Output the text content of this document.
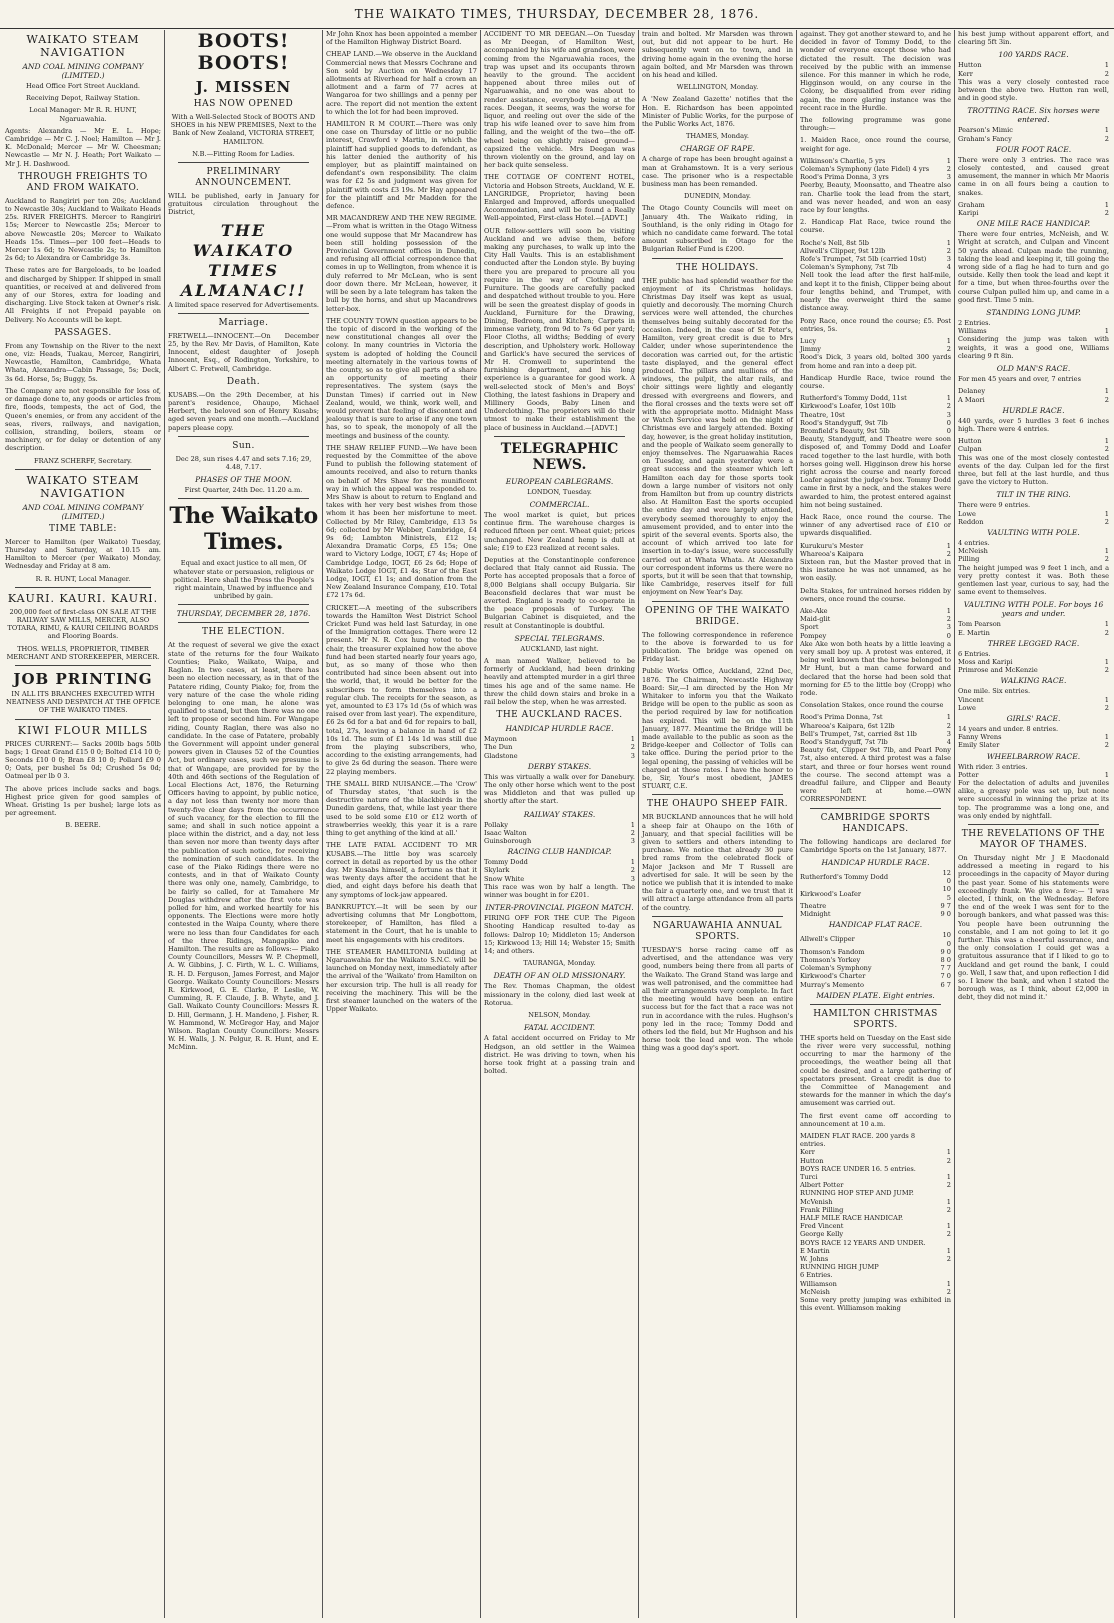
THE WAIKATO TIMES, THURSDAY, DECEMBER 28, 1876.
WAIKATO STEAM NAVIGATION
AND COAL MINING COMPANY (LIMITED.)
Head Office Fort Street Auckland.
Receiving Depot, Railway Station.
Local Manager: Mr R. R. HUNT, Ngaruawahia.
Agents: Alexandra — Mr E. L. Hope; Cambridge — Mr C. J. Noel; Hamilton — Mr J. K. McDonald; Mercer — Mr W. Cheesman; Newcastle — Mr N. J. Heath; Port Waikato — Mr J. H. Dashwood.
THROUGH FREIGHTS TO AND FROM WAIKATO.
Auckland to Rangiriri per ton 20s; Auckland to Newcastle 30s; Auckland to Waikato Heads 25s. RIVER FREIGHTS. Mercer to Rangiriri 15s; Mercer to Newcastle 25s; Mercer to above Newcastle 20s; Mercer to Waikato Heads 15s. Times—per 100 feet—Heads to Mercer 1s 6d; to Newcastle 2s; to Hamilton 2s 6d; to Alexandra or Cambridge 3s.
These rates are for Bargeloads, to be loaded and discharged by Shipper. If shipped in small quantities, or received at and delivered from any of our Stores, extra for loading and discharging. Live Stock taken at Owner's risk. All Freights if not Prepaid payable on Delivery. No Accounts will be kept.
PASSAGES.
From any Township on the River to the next one, viz: Heads, Tuakau, Mercer, Rangiriri, Newcastle, Hamilton, Cambridge, Whata Whata, Alexandra—Cabin Passage, 5s; Deck, 3s 6d. Horse, 5s; Buggy, 5s.
The Company are not responsible for loss of, or damage done to, any goods or articles from fire, floods, tempests, the act of God, the Queen's enemies, or from any accident of the seas, rivers, railways, and navigation, collision, stranding, boilers, steam or machinery, or for delay or detention of any description.
FRANZ SCHERFF, Secretary.
WAIKATO STEAM NAVIGATION
AND COAL MINING COMPANY (LIMITED.)
TIME TABLE:
Mercer to Hamilton (per Waikato) Tuesday, Thursday and Saturday, at 10.15 am. Hamilton to Mercer (per Waikato) Monday, Wednesday and Friday at 8 am.
R. R. HUNT, Local Manager.
KAURI. KAURI. KAURI.
200,000 feet of first-class ON SALE AT THE RAILWAY SAW MILLS, MERCER, ALSO TOTARA, RIMU, & KAURI CEILING BOARDS and Flooring Boards.
THOS. WELLS, PROPRIETOR, TIMBER MERCHANT AND STOREKEEPER, MERCER.
JOB PRINTING
IN ALL ITS BRANCHES EXECUTED WITH NEATNESS AND DESPATCH AT THE OFFICE OF THE WAIKATO TIMES.
KIWI FLOUR MILLS
PRICES CURRENT:— Sacks 200lb bags 50lb bags; 1 Great Grand £15 0 0; Bolted £14 10 0; Seconds £10 0 0; Bran £8 10 0; Pollard £9 0 0; Oats, per bushel 5s 0d; Crushed 5s 0d; Oatmeal per lb 0 3.
The above prices include sacks and bags. Highest price given for good samples of Wheat. Gristing 1s per bushel; large lots as per agreement.
B. BEERE.
BOOTS! BOOTS!
J. MISSEN
HAS NOW OPENED
With a Well-Selected Stock of BOOTS AND SHOES in his NEW PREMISES, Next to the Bank of New Zealand, VICTORIA STREET, HAMILTON.
N.B.—Fitting Room for Ladies.
PRELIMINARY ANNOUNCEMENT.
WILL be published, early in January for gratuitous circulation throughout the District,
THE WAIKATO TIMES ALMANAC!!
A limited space reserved for Advertisements.
Marriage.
FRETWELL—INNOCENT.—On December 25, by the Rev. Mr Davis, of Hamilton, Kate Innocent, eldest daughter of Joseph Innocent, Esq., of Rodington, Yorkshire, to Albert C. Fretwell, Cambridge.
Death.
KUSABS.—On the 29th December, at his parent's residence, Ohaupo, Michael Herbert, the beloved son of Henry Kusabs; aged seven years and one month.—Auckland papers please copy.
Sun.
Dec 28, sun rises 4.47 and sets 7.16; 29, 4.48, 7.17.
PHASES OF THE MOON.
First Quarter, 24th Dec. 11.20 a.m.
The Waikato Times.
Equal and exact justice to all men, Of whatever state or persuasion, religious or political. Here shall the Press the People's right maintain, Unawed by influence and unbribed by gain.
THURSDAY, DECEMBER 28, 1876.
THE ELECTION.
At the request of several we give the exact state of the returns for the four Waikato Counties; Piako, Waikato, Waipa, and Raglan. In two cases, at least, there has been no election necessary, as in that of the Patatere riding, County Piako; for, from the very nature of the case the whole riding belonging to one man, he alone was qualified to stand, but then there was no one left to propose or second him. For Wangape riding, County Raglan, there was also no candidate. In the case of Patatere, probably the Government will appoint under general powers given in Clauses 52 of the Counties Act, but ordinary cases, such we presume is that of Wangape, are provided for by the 40th and 46th sections of the Regulation of Local Elections Act, 1876, the Returning Officers having to appoint, by public notice, a day not less than twenty nor more than twenty-five clear days from the occurrence of such vacancy, for the election to fill the same; and shall in such notice appoint a place within the district, and a day, not less than seven nor more than twenty days after the publication of such notice, for receiving the nomination of such candidates. In the case of the Piako Ridings there were no contests, and in that of Waikato County there was only one, namely, Cambridge, to be fairly so called, for at Tamahere Mr Douglas withdrew after the first vote was polled for him, and worked heartily for his opponents. The Elections were more hotly contested in the Waipa County, where there were no less than four Candidates for each of the three Ridings, Mangapiko and Hamilton. The results are as follows:— Piako County Councillors, Messrs W. P. Chepmell, A. W. Gibbins, J. C. Firth, W. L. C. Williams, R. H. D. Ferguson, James Forrest, and Major George. Waikato County Councillors: Messrs R. Kirkwood, G. E. Clarke, P. Leslie, W. Cumming, R. F. Claude, J. B. Whyte, and J. Gall. Waikato County Councillors: Messrs R. D. Hill, Germann, J. H. Mandeno, J. Fisher, R. W. Hammond, W. McGregor Hay, and Major Wilson. Raglan County Councillors: Messrs W. H. Walls, J. N. Pelgur, R. R. Hunt, and E. McMinn.
Mr John Knox has been appointed a member of the Hamilton Highway District Board.
CHEAP LAND.—We observe in the Auckland Commercial news that Messrs Cochrane and Son sold by Auction on Wednesday 17 allotments at Riverhead for half a crown an allotment and a farm of 77 acres at Wangaroa for two shillings and a penny per acre. The report did not mention the extent to which the lot for had been improved.
HAMILTON R M COURT.—There was only one case on Thursday of little or no public interest, Crawford v Martin, in which the plaintiff had supplied goods to defendant, as his latter denied the authority of his employer, but as plaintiff maintained on defendant's own responsibility. The claim was for £2 5s and judgment was given for plaintiff with costs £3 19s. Mr Hay appeared for the plaintiff and Mr Madden for the defence.
MR MACANDREW AND THE NEW REGIME.—From what is written in the Otago Witness one would suppose that Mr Macandrew has been still holding possession of the Provincial Government offices in Dunedin, and refusing all official correspondence that comes in up to Wellington, from whence it is duly referred to Mr McLean, who is sent door down there. Mr McLean, however, it will be seen by a late telegram has taken the bull by the horns, and shut up Macandrews letter-box.
THE COUNTY TOWN question appears to be the topic of discord in the working of the new constitutional changes all over the colony. In many countries in Victoria the system is adopted of holding the Council meeting alternately in the various towns of the county, so as to give all parts of a share an opportunity of meeting their representatives. The system (says the Dunstan Times) if carried out in New Zealand, would, we think, work well, and would prevent that feeling of discontent and jealousy that is sure to arise if any one town has, so to speak, the monopoly of all the meetings and business of the county.
THE SHAW RELIEF FUND.—We have been requested by the Committee of the above Fund to publish the following statement of amounts received, and also to return thanks on behalf of Mrs Shaw for the munificent way in which the appeal was responded to. Mrs Shaw is about to return to England and takes with her very best wishes from those whom it has been her misfortune to meet. Collected by Mr Riley, Cambridge, £13 5s 6d; collected by Mr Webber, Cambridge, £4 9s 6d; Lambton Ministrels, £12 1s; Alexandra Dramatic Corps, £5 15s; One ward to Victory Lodge, IOGT, £7 4s; Hope of Cambridge Lodge, IOGT, £6 2s 6d; Hope of Waikato Lodge IOGT, £1 4s; Star of the East Lodge, IOGT, £1 1s; and donation from the New Zealand Insurance Company, £10. Total £72 17s 6d.
CRICKET.—A meeting of the subscribers towards the Hamilton West District School Cricket Fund was held last Saturday, in one of the Immigration cottages. There were 12 present. Mr N. R. Cox hung voted to the chair, the treasurer explained how the above fund had been started nearly four years ago, but, as so many of those who then contributed had since been absent out into the world, that, it would be better for the subscribers to form themselves into a regular club. The receipts for the season, as yet, amounted to £3 17s 1d (5s of which was raised over from last year). The expenditure, £6 2s 6d for a bat and 6d for repairs to ball, total, 27s, leaving a balance in hand of £2 10s 1d. The sum of £1 14s 1d was still due from the playing subscribers, who, according to the existing arrangements, had to give 2s 6d during the season. There were 22 playing members.
THE SMALL BIRD NUISANCE.—The 'Crow' of Thursday states, 'that such is the destructive nature of the blackbirds in the Dunedin gardens, that, while last year there used to be sold some £10 or £12 worth of strawberries weekly, this year it is a rare thing to get anything of the kind at all.'
THE LATE FATAL ACCIDENT TO MR KUSABS.—The little boy was scarcely correct in detail as reported by us the other day. Mr Kusabs himself, a fortune as that it was twenty days after the accident that he died, and eight days before his death that any symptoms of lock-jaw appeared.
BANKRUPTCY.—It will be seen by our advertising columns that Mr Longbottom, storekeeper, of Hamilton, has filed a statement in the Court, that he is unable to meet his engagements with his creditors.
THE STEAMER HAMILTONIA building at Ngaruawahia for the Waikato S.N.C. will be launched on Monday next, immediately after the arrival of the 'Waikato' from Hamilton on her excursion trip. The hull is all ready for receiving the machinery. This will be the first steamer launched on the waters of the Upper Waikato.
ACCIDENT TO MR DEEGAN.—On Tuesday as Mr Deegan, of Hamilton West, accompanied by his wife and grandson, were coming from the Ngaruawahia races, the trap was upset and its occupants thrown heavily to the ground. The accident happened about three miles out of Ngaruawahia, and no one was about to render assistance, everybody being at the races. Deegan, it seems, was the worse for liquor, and reeling out over the side of the trap his wife leaned over to save him from falling, and the weight of the two—the off-wheel being on slightly raised ground—capsized the vehicle. Mrs Deegan was thrown violently on the ground, and lay on her back quite senseless.
THE COTTAGE OF CONTENT HOTEL, Victoria and Hobson Streets, Auckland, W. E. LANGRIDGE, Proprietor, having been Enlarged and Improved, affords unequalled Accommodation, and will be found a Really Well-appointed, First-class Hotel.—[ADVT.]
OUR fellow-settlers will soon be visiting Auckland and we advise them, before making any purchases, to walk up into the City Hall Vaults. This is an establishment conducted after the London style. By buying there you are prepared to procure all you require in the way of Clothing and Furniture. The goods are carefully packed and despatched without trouble to you. Here will be seen the greatest display of goods in Auckland, Furniture for the Drawing, Dining, Bedroom, and Kitchen; Carpets in immense variety, from 9d to 7s 6d per yard; Floor Cloths, all widths; Bedding of every description, and Upholstery work. Holloway and Garlick's have secured the services of Mr H. Cromwell to superintend the furnishing department, and his long experience is a guarantee for good work. A well-selected stock of Men's and Boys' Clothing, the latest fashions in Drapery and Millinery Goods, Baby Linen and Underclothing. The proprietors will do their utmost to make their establishment the place of business in Auckland.—[ADVT.]
TELEGRAPHIC NEWS.
EUROPEAN CABLEGRAMS.
LONDON, Tuesday.
COMMERCIAL.
The wool market is quiet, but prices continue firm. The warehouse charges is reduced fifteen per cent. Wheat quiet; prices unchanged. New Zealand hemp is dull at sale; £19 to £23 realized at recent sales.
Deputies at the Constantinople conference declared that Italy cannot aid Russia. The Porte has accepted proposals that a force of 8,000 Belgians shall occupy Bulgaria. Sir Beaconsfield declares that war must be averted. England is ready to co-operate in the peace proposals of Turkey. The Bulgarian Cabinet is disquieted, and the result at Constantinople is doubtful.
SPECIAL TELEGRAMS.
AUCKLAND, last night.
A man named Walker, believed to be formerly of Auckland, had been drinking heavily and attempted murder in a girl three times his age and of the same name. He threw the child down stairs and broke in a rail below the step, when he was arrested.
THE AUCKLAND RACES.
HANDICAP HURDLE RACE.
Maymoon	1
The Dun	2
Gladstone	3
DERBY STAKES.
This was virtually a walk over for Danebury. The only other horse which went to the post was Middleton and that was pulled up shortly after the start.
RAILWAY STAKES.
Pollaky	1
Isaac Walton	2
Guinsborough	3
RACING CLUB HANDICAP.
Tommy Dodd	1
Skylark	2
Snow White	3
This race was won by half a length. The winner was bought in for £201.
INTER-PROVINCIAL PIGEON MATCH.
FIRING OFF FOR THE CUP. The Pigeon Shooting Handicap resulted to-day as follows: Dalrop 10; Middleton 15; Anderson 15; Kirkwood 13; Hill 14; Webster 15; Smith 14; and others.
TAURANGA, Monday.
DEATH OF AN OLD MISSIONARY.
The Rev. Thomas Chapman, the oldest missionary in the colony, died last week at Rotorua.
NELSON, Monday.
FATAL ACCIDENT.
A fatal accident occurred on Friday to Mr Hedgson, an old settler in the Waimea district. He was driving to town, when his horse took fright at a passing train and bolted.
train and bolted. Mr Marsden was thrown out, but did not appear to be hurt. He subsequently went on to town, and in driving home again in the evening the horse again bolted, and Mr Marsden was thrown on his head and killed.
WELLINGTON, Monday.
A 'New Zealand Gazette' notifies that the Hon. E. Richardson has been appointed Minister of Public Works, for the purpose of the Public Works Act, 1876.
THAMES, Monday.
CHARGE OF RAPE.
A charge of rape has been brought against a man at Grahamstown. It is a very serious case. The prisoner who is a respectable business man has been remanded.
DUNEDIN, Monday.
The Otago County Councils will meet on January 4th. The Waikato riding, in Southland, is the only riding in Otago for which no candidate came forward. The total amount subscribed in Otago for the Bulgarian Relief Fund is £200.
THE HOLIDAYS.
THE public has had splendid weather for the enjoyment of its Christmas holidays. Christmas Day itself was kept as usual, quietly and decorously. The morning Church services were well attended, the churches themselves being suitably decorated for the occasion. Indeed, in the case of St Peter's, Hamilton, very great credit is due to Mrs Calder, under whose superintendence the decoration was carried out, for the artistic taste displayed, and the general effect produced. The pillars and mullions of the windows, the pulpit, the altar rails, and choir sittings were lightly and elegantly dressed with evergreens and flowers, and the floral crosses and the texts were set off with the appropriate motto. Midnight Mass or Watch Service was held on the night of Christmas eve and largely attended. Boxing day, however, is the great holiday institution, and the people of Waikato seem generally to enjoy themselves. The Ngaruawahia Races on Tuesday, and again yesterday were a great success and the steamer which left Hamilton each day for those sports took down a large number of visitors not only from Hamilton but from up country districts also. At Hamilton East the sports occupied the entire day and were largely attended, everybody seemed thoroughly to enjoy the amusement provided, and to enter into the spirit of the several events. Sports also, the account of which arrived too late for insertion in to-day's issue, were successfully carried out at Whata Whata. At Alexandra our correspondent informs us there were no sports, but it will be seen that that township, like Cambridge, reserves itself for full enjoyment on New Year's Day.
OPENING OF THE WAIKATO BRIDGE.
The following correspondence in reference to the above is forwarded to us for publication. The bridge was opened on Friday last.
Public Works Office, Auckland, 22nd Dec, 1876. The Chairman, Newcastle Highway Board: Sir,—I am directed by the Hon Mr Whitaker to inform you that the Waikato Bridge will be open to the public as soon as the period required by law for notification has expired. This will be on the 11th January, 1877. Meantime the Bridge will be made available to the public as soon as the Bridge-keeper and Collector of Tolls can take office. During the period prior to the legal opening, the passing of vehicles will be charged at those rates. I have the honor to be, Sir, Your's most obedient, JAMES STUART, C.E.
THE OHAUPO SHEEP FAIR.
MR BUCKLAND announces that he will hold a sheep fair at Ohaupo on the 16th of January, and that special facilities will be given to settlers and others intending to purchase. We notice that already 30 pure bred rams from the celebrated flock of Major Jackson and Mr T Russell are advertised for sale. It will be seen by the notice we publish that it is intended to make the fair a quarterly one, and we trust that it will attract a large attendance from all parts of the country.
NGARUAWAHIA ANNUAL SPORTS.
TUESDAY'S horse racing came off as advertised, and the attendance was very good, numbers being there from all parts of the Waikato. The Grand Stand was large and was well patronised, and the committee had all their arrangements very complete. In fact the meeting would have been an entire success but for the fact that a race was not run in accordance with the rules. Hughson's pony led in the race; Tommy Dodd and others led the field, but Mr Hughson and his horse took the lead and won. The whole thing was a good day's sport.
against. They got another steward to, and he decided in favor of Tommy Dodd, to the wonder of everyone except those who had dictated the result. The decision was received by the public with an immense silence. For this manner in which he rode, Higginson would, on any course in the Colony, be disqualified from ever riding again, the more glaring instance was the recent race in the Hurdle.
The following programme was gone through:—
1. Maiden Race, once round the course, weight for age.
Wilkinson's Charlie, 5 yrs	1
Coleman's Symphony (late Fidel) 4 yrs	2
Rood's Prima Donna, 3 yrs	3
Peerby, Beauty, Moonsatto, and Theatre also ran. Charlie took the lead from the start, and was never headed, and won an easy race by four lengths.
2. Handicap Flat Race, twice round the course.
Roche's Nell, 8st 5lb	1
Allwell's Clipper, 9st 12lb	2
Rofe's Trumpet, 7st 5lb (carried 10st)	3
Coleman's Symphony, 7st 7lb	4
Nell took the lead after the first half-mile, and kept it to the finish, Clipper being about four lengths behind, and Trumpet, with nearly the overweight third the same distance away.
Pony Race, once round the course; £5. Post entries, 5s.
Lucy	1
Jimmy	2
Rood's Dick, 3 years old, bolted 300 yards from home and ran into a deep pit.
Handicap Hurdle Race, twice round the course.
Rutherford's Tommy Dodd, 11st	1
Kirkwood's Loafer, 10st 10lb	2
Theatre, 10st	3
Rood's Standyguff, 9st 7lb	0
Bromfield's Beauty, 9st 5lb	0
Beauty, Standyguff, and Theatre were soon disposed of, and Tommy Dodd and Loafer raced together to the last hurdle, with both horses going well. Higginson drew his horse right across the course and nearly forced Loafer against the judge's box. Tommy Dodd came in first by a neck, and the stakes were awarded to him, the protest entered against him not being sustained.
Hack Race, once round the course. The winner of any advertised race of £10 or upwards disqualified.
Kurukuru's Mester	1
Whareoa's Kaipara	2
Sixteen ran, but the Master proved that in this instance he was not unnamed, as he won easily.
Delta Stakes, for untrained horses ridden by owners, once round the course.
Ake-Ake	1
Maid-glit	2
Sport	3
Pompey	0
Ake Ake won both heats by a little leaving a very small boy up. A protest was entered, it being well known that the horse belonged to Mr Hunt, but a man came forward and declared that the horse had been sold that morning for £5 to the little boy (Cropp) who rode.
Consolation Stakes, once round the course
Rood's Prima Donna, 7st	1
Whareoa's Kaipara, 6st 12lb	2
Bell's Trumpet, 7st, carried 8st 1lb	3
Rood's Standyguff, 7st 7lb	4
Beauty 6st, Clipper 9st 7lb, and Pearl Pony 7st, also entered. A third protest was a false start, and three or four horses went round the course. The second attempt was a dreadful failure, and Clipper and Beauty were left at home.—OWN CORRESPONDENT.
CAMBRIDGE SPORTS HANDICAPS.
The following handicaps are declared for Cambridge Sports on the 1st January, 1877.
HANDICAP HURDLE RACE.
Rutherford's Tommy Dodd	12 0
Kirkwood's Loafer	10 5
Theatre	9 7
Midnight	9 0
HANDICAP FLAT RACE.
Allwell's Clipper	10 0
Thomson's Fandom	9 0
Thomson's Yorkey	8 0
Coleman's Symphony	7 7
Kirkwood's Charter	7 0
Murray's Memento	6 7
MAIDEN PLATE. Eight entries.
HAMILTON CHRISTMAS SPORTS.
THE sports held on Tuesday on the East side the river were very successful, nothing occurring to mar the harmony of the proceedings, the weather being all that could be desired, and a large gathering of spectators present. Great credit is due to the Committee of Management and stewards for the manner in which the day's amusement was carried out.
The first event came off according to announcement at 10 a.m.
MAIDEN FLAT RACE. 200 yards 8 entries.	
Kerr	1
Hutton	2
BOYS RACE UNDER 16. 5 entries.	
Turci	1
Albert Potter	2
RUNNING HOP STEP AND JUMP.	
McVenish	1
Frank Pilling	2
HALF MILE RACE HANDICAP.	
Fred Vincent	1
George Kelly	2
BOYS RACE 12 YEARS AND UNDER.	
E Martin	1
W. Johns	2
RUNNING HIGH JUMP	
6 Entries.	
Williamson	1
McNeish	2
Some very pretty jumping was exhibited in this event. Williamson making
his best jump without apparent effort, and clearing 5ft 3in.
100 YARDS RACE.
Hutton	1
Kerr	2
This was a very closely contested race between the above two. Hutton ran well, and in good style.
TROTTING RACE. Six horses were entered.
Pearson's Mimic	1
Graham's Fancy	2
FOUR FOOT RACE.
There were only 3 entries. The race was closely contested, and caused great amusement, the manner in which Mr Maoris came in on all fours being a caution to snakes.
Graham	1
Karipi	2
ONE MILE RACE HANDICAP.
There were four entries, McNeish, and W. Wright at scratch, and Culpan and Vincent 50 yards ahead. Culpan made the running, taking the lead and keeping it, till going the wrong side of a flag he had to turn and go outside. Kelly then took the lead and kept it for a time, but when three-fourths over the course Culpan pulled him up, and came in a good first. Time 5 min.
STANDING LONG JUMP.
2 Entries.	
Williams	1
Considering the jump was taken with weights, it was a good one, Williams clearing 9 ft 8in.
OLD MAN'S RACE.
For men 45 years and over, 7 entries
Delaney	1
A Maori	2
HURDLE RACE.
440 yards, over 5 hurdles 3 feet 6 inches high. There were 4 entries.
Hutton	1
Culpan	2
This was one of the most closely contested events of the day. Culpan led for the first three, but fell at the last hurdle, and thus gave the victory to Hutton.
TILT IN THE RING.
There were 9 entries.	
Lowe	1
Reddon	2
VAULTING WITH POLE.
4 entries.	
McNeish	1
Pilling	2
The height jumped was 9 feet 1 inch, and a very pretty contest it was. Both these gentlemen last year, curious to say, had the same event to themselves.
VAULTING WITH POLE. For boys 16 years and under.
Tom Pearson	1
E. Martin	2
THREE LEGGED RACE.
6 Entries.	
Moss and Karipi	1
Primrose and McKenzie	2
WALKING RACE.
One mile. Six entries.	
Vincent	1
Lowe	2
GIRLS' RACE.
14 years and under. 8 entries.	
Fanny Wrens	1
Emily Slater	2
WHEELBARROW RACE.
With rider. 3 entries.	
Potter	1
For the delectation of adults and juveniles alike, a greasy pole was set up, but none were successful in winning the prize at its top. The programme was a long one, and was only ended by nightfall.
THE REVELATIONS OF THE MAYOR OF THAMES.
On Thursday night Mr J E Macdonald addressed a meeting in regard to his proceedings in the capacity of Mayor during the past year. Some of his statements were exceedingly frank. We give a few:— 'I was elected, I think, on the Wednesday. Before the end of the week I was sent for to the borough bankers, and what passed was this: You people have been outrunning the constable, and I am not going to let it go further. This was a cheerful assurance, and the only consolation I could get was a gratuitous assurance that if I liked to go to Auckland and get round the bank, I could go. Well, I saw that, and upon reflection I did so. I knew the bank, and when I stated the borough was, as I think, about £2,000 in debt, they did not mind it.'
